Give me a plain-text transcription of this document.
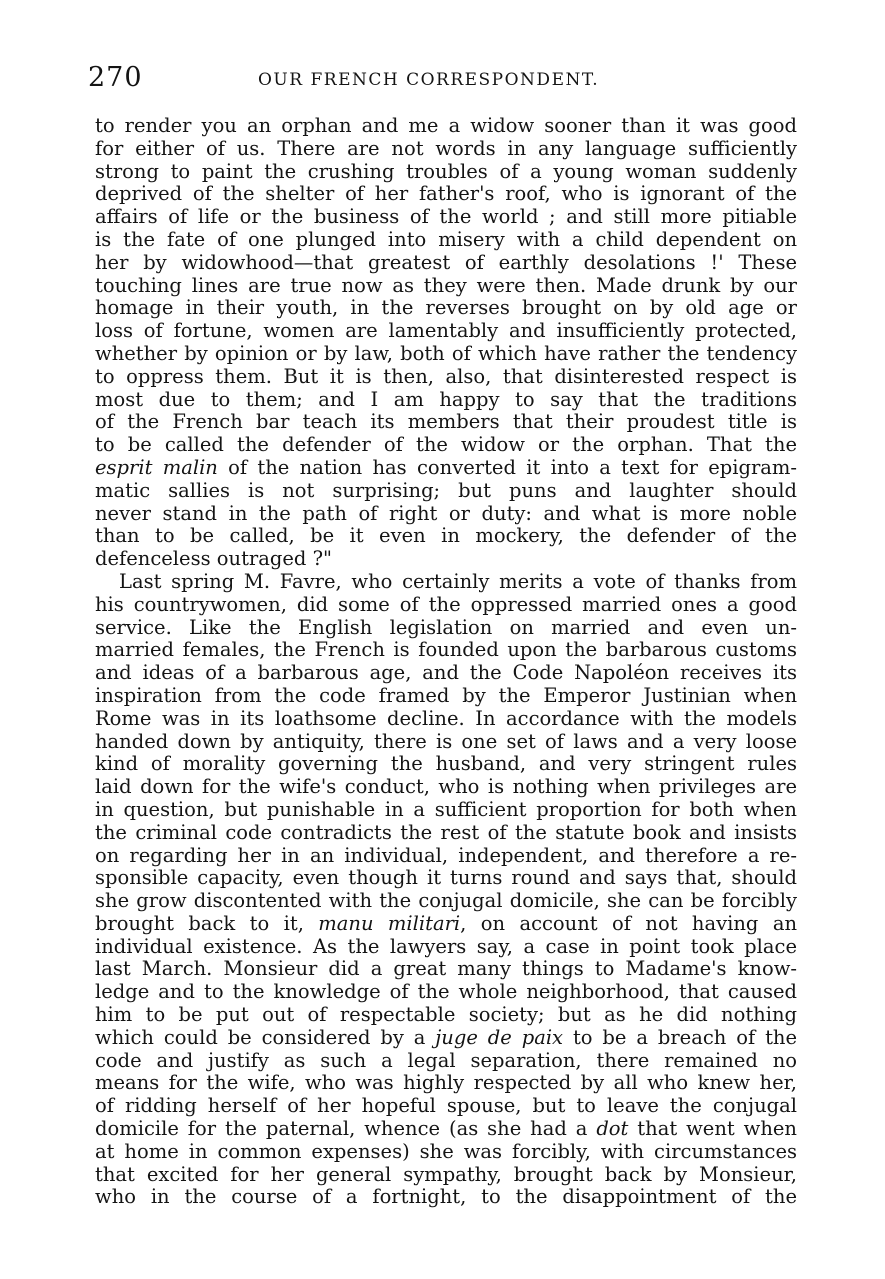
270	OUR FRENCH CORRESPONDENT.
to render you an orphan and me a widow sooner than it was good
for either of us. There are not words in any language sufficiently
strong to paint the crushing troubles of a young woman suddenly
deprived of the shelter of her father's roof, who is ignorant of the
affairs of life or the business of the world ; and still more pitiable
is the fate of one plunged into misery with a child dependent on
her by widowhood—that greatest of earthly desolations !' These
touching lines are true now as they were then. Made drunk by our
homage in their youth, in the reverses brought on by old age or
loss of fortune, women are lamentably and insufficiently protected,
whether by opinion or by law, both of which have rather the tendency
to oppress them. But it is then, also, that disinterested respect is
most due to them; and I am happy to say that the traditions
of the French bar teach its members that their proudest title is
to be called the defender of the widow or the orphan. That the
esprit malin of the nation has converted it into a text for epigram-
matic sallies is not surprising; but puns and laughter should
never stand in the path of right or duty: and what is more noble
than to be called, be it even in mockery, the defender of the
defenceless outraged ?"
Last spring M. Favre, who certainly merits a vote of thanks from
his countrywomen, did some of the oppressed married ones a good
service. Like the English legislation on married and even un-
married females, the French is founded upon the barbarous customs
and ideas of a barbarous age, and the Code Napoléon receives its
inspiration from the code framed by the Emperor Justinian when
Rome was in its loathsome decline. In accordance with the models
handed down by antiquity, there is one set of laws and a very loose
kind of morality governing the husband, and very stringent rules
laid down for the wife's conduct, who is nothing when privileges are
in question, but punishable in a sufficient proportion for both when
the criminal code contradicts the rest of the statute book and insists
on regarding her in an individual, independent, and therefore a re-
sponsible capacity, even though it turns round and says that, should
she grow discontented with the conjugal domicile, she can be forcibly
brought back to it, manu militari, on account of not having an
individual existence. As the lawyers say, a case in point took place
last March. Monsieur did a great many things to Madame's know-
ledge and to the knowledge of the whole neighborhood, that caused
him to be put out of respectable society; but as he did nothing
which could be considered by a juge de paix to be a breach of the
code and justify as such a legal separation, there remained no
means for the wife, who was highly respected by all who knew her,
of ridding herself of her hopeful spouse, but to leave the conjugal
domicile for the paternal, whence (as she had a dot that went when
at home in common expenses) she was forcibly, with circumstances
that excited for her general sympathy, brought back by Monsieur,
who in the course of a fortnight, to the disappointment of the
